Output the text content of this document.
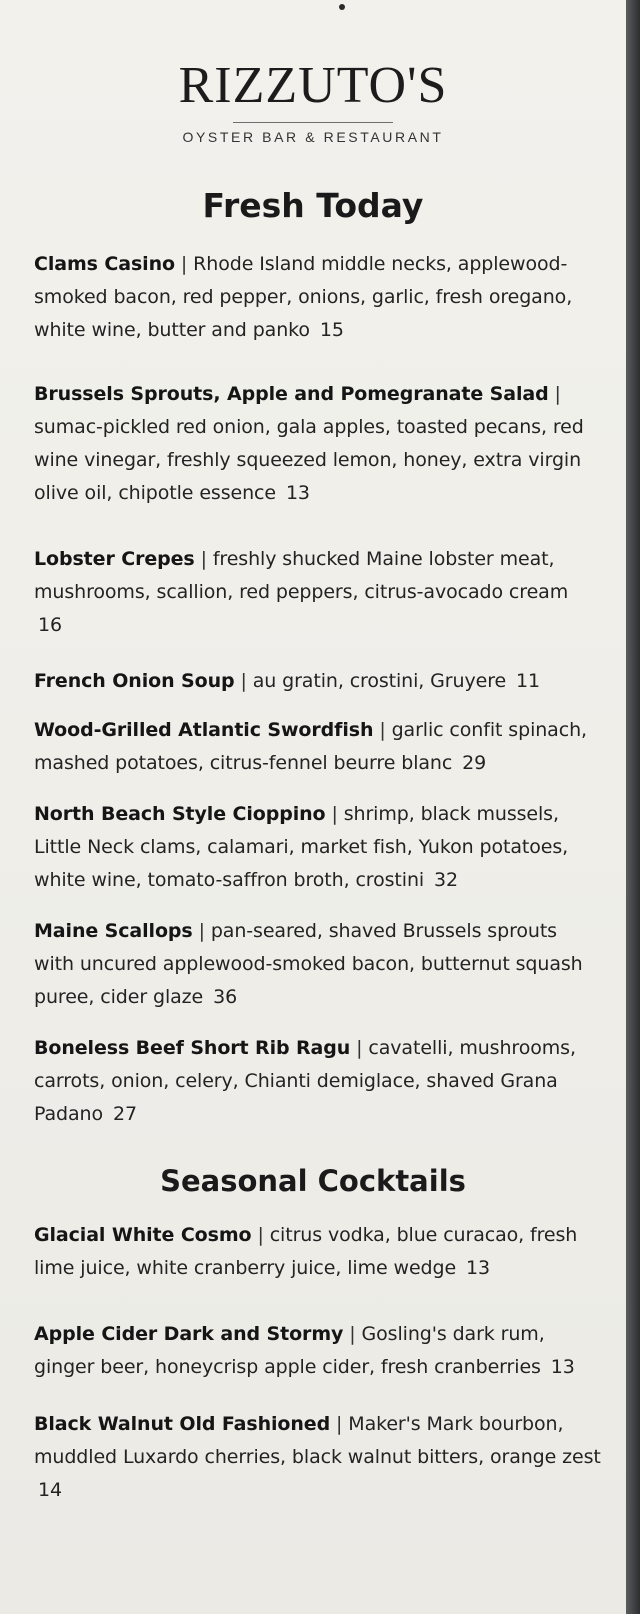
RIZZUTO'S
OYSTER BAR & RESTAURANT
Fresh Today
Clams Casino | Rhode Island middle necks, applewood-smoked bacon, red pepper, onions, garlic, fresh oregano, white wine, butter and panko 15
Brussels Sprouts, Apple and Pomegranate Salad | sumac-pickled red onion, gala apples, toasted pecans, red wine vinegar, freshly squeezed lemon, honey, extra virgin olive oil, chipotle essence 13
Lobster Crepes | freshly shucked Maine lobster meat, mushrooms, scallion, red peppers, citrus-avocado cream 16
French Onion Soup | au gratin, crostini, Gruyere 11
Wood-Grilled Atlantic Swordfish | garlic confit spinach, mashed potatoes, citrus-fennel beurre blanc 29
North Beach Style Cioppino | shrimp, black mussels, Little Neck clams, calamari, market fish, Yukon potatoes, white wine, tomato-saffron broth, crostini 32
Maine Scallops | pan-seared, shaved Brussels sprouts with uncured applewood-smoked bacon, butternut squash puree, cider glaze 36
Boneless Beef Short Rib Ragu | cavatelli, mushrooms, carrots, onion, celery, Chianti demiglace, shaved Grana Padano 27
Seasonal Cocktails
Glacial White Cosmo | citrus vodka, blue curacao, fresh lime juice, white cranberry juice, lime wedge 13
Apple Cider Dark and Stormy | Gosling's dark rum, ginger beer, honeycrisp apple cider, fresh cranberries 13
Black Walnut Old Fashioned | Maker's Mark bourbon, muddled Luxardo cherries, black walnut bitters, orange zest 14
